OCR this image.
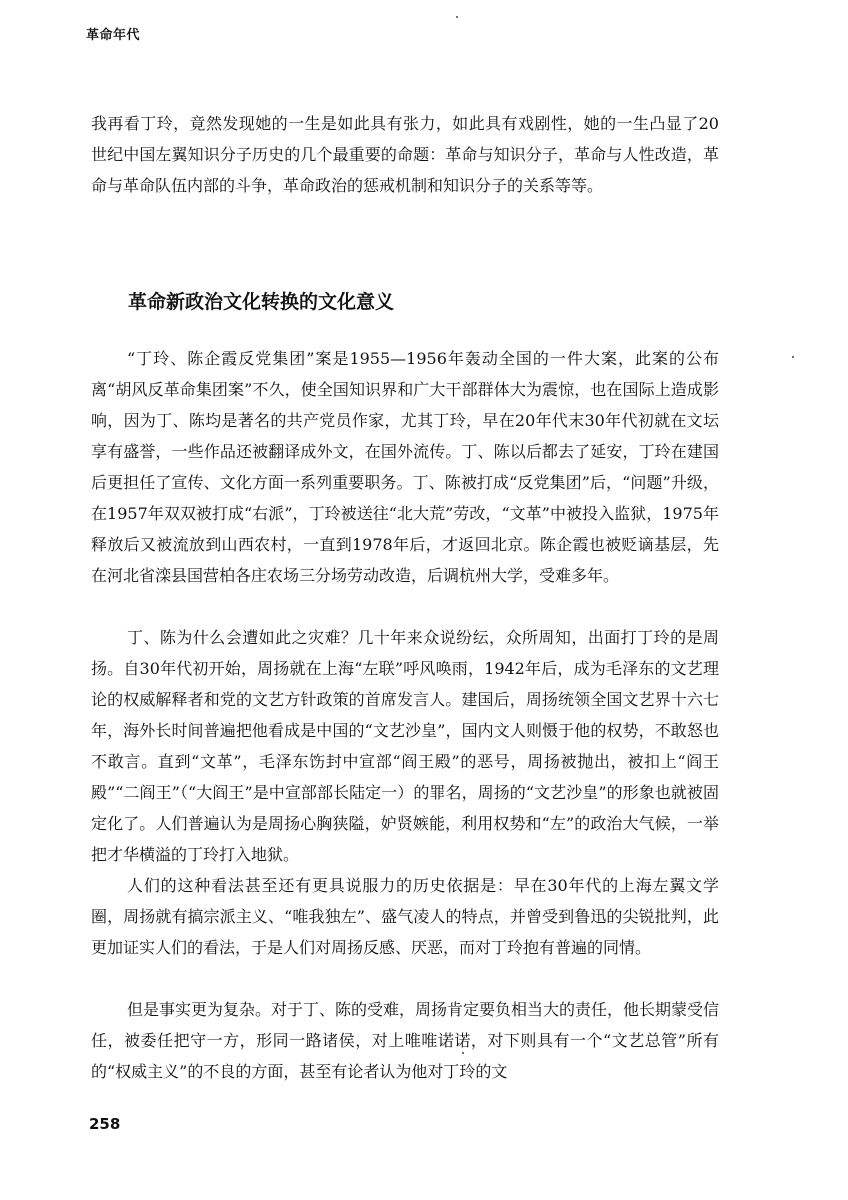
革命年代

我再看丁玲，竟然发现她的一生是如此具有张力，如此具有戏剧性，她的一生凸显了20世纪中国左翼知识分子历史的几个最重要的命题：革命与知识分子，革命与人性改造，革命与革命队伍内部的斗争，革命政治的惩戒机制和知识分子的关系等等。

革命新政治文化转换的文化意义

“丁玲、陈企霞反党集团”案是1955—1956年轰动全国的一件大案，此案的公布离“胡风反革命集团案”不久，使全国知识界和广大干部群体大为震惊，也在国际上造成影响，因为丁、陈均是著名的共产党员作家，尤其丁玲，早在20年代末30年代初就在文坛享有盛誉，一些作品还被翻译成外文，在国外流传。丁、陈以后都去了延安，丁玲在建国后更担任了宣传、文化方面一系列重要职务。丁、陈被打成“反党集团”后，“问题”升级，在1957年双双被打成“右派”，丁玲被送往“北大荒”劳改，“文革”中被投入监狱，1975年释放后又被流放到山西农村，一直到1978年后，才返回北京。陈企霞也被贬谪基层，先在河北省滦县国营柏各庄农场三分场劳动改造，后调杭州大学，受难多年。

丁、陈为什么会遭如此之灾难？几十年来众说纷纭，众所周知，出面打丁玲的是周扬。自30年代初开始，周扬就在上海“左联”呼风唤雨，1942年后，成为毛泽东的文艺理论的权威解释者和党的文艺方针政策的首席发言人。建国后，周扬统领全国文艺界十六七年，海外长时间普遍把他看成是中国的“文艺沙皇”，国内文人则慑于他的权势，不敢怒也不敢言。直到“文革”，毛泽东饬封中宣部“阎王殿”的恶号，周扬被抛出，被扣上“阎王殿”“二阎王”（“大阎王”是中宣部部长陆定一）的罪名，周扬的“文艺沙皇”的形象也就被固定化了。人们普遍认为是周扬心胸狭隘，妒贤嫉能，利用权势和“左”的政治大气候，一举把才华横溢的丁玲打入地狱。

人们的这种看法甚至还有更具说服力的历史依据是：早在30年代的上海左翼文学圈，周扬就有搞宗派主义、“唯我独左”、盛气凌人的特点，并曾受到鲁迅的尖锐批判，此更加证实人们的看法，于是人们对周扬反感、厌恶，而对丁玲抱有普遍的同情。

但是事实更为复杂。对于丁、陈的受难，周扬肯定要负相当大的责任，他长期蒙受信任，被委任把守一方，形同一路诸侯，对上唯唯诺诺，对下则具有一个“文艺总管”所有的“权威主义”的不良的方面，甚至有论者认为他对丁玲的文

258
